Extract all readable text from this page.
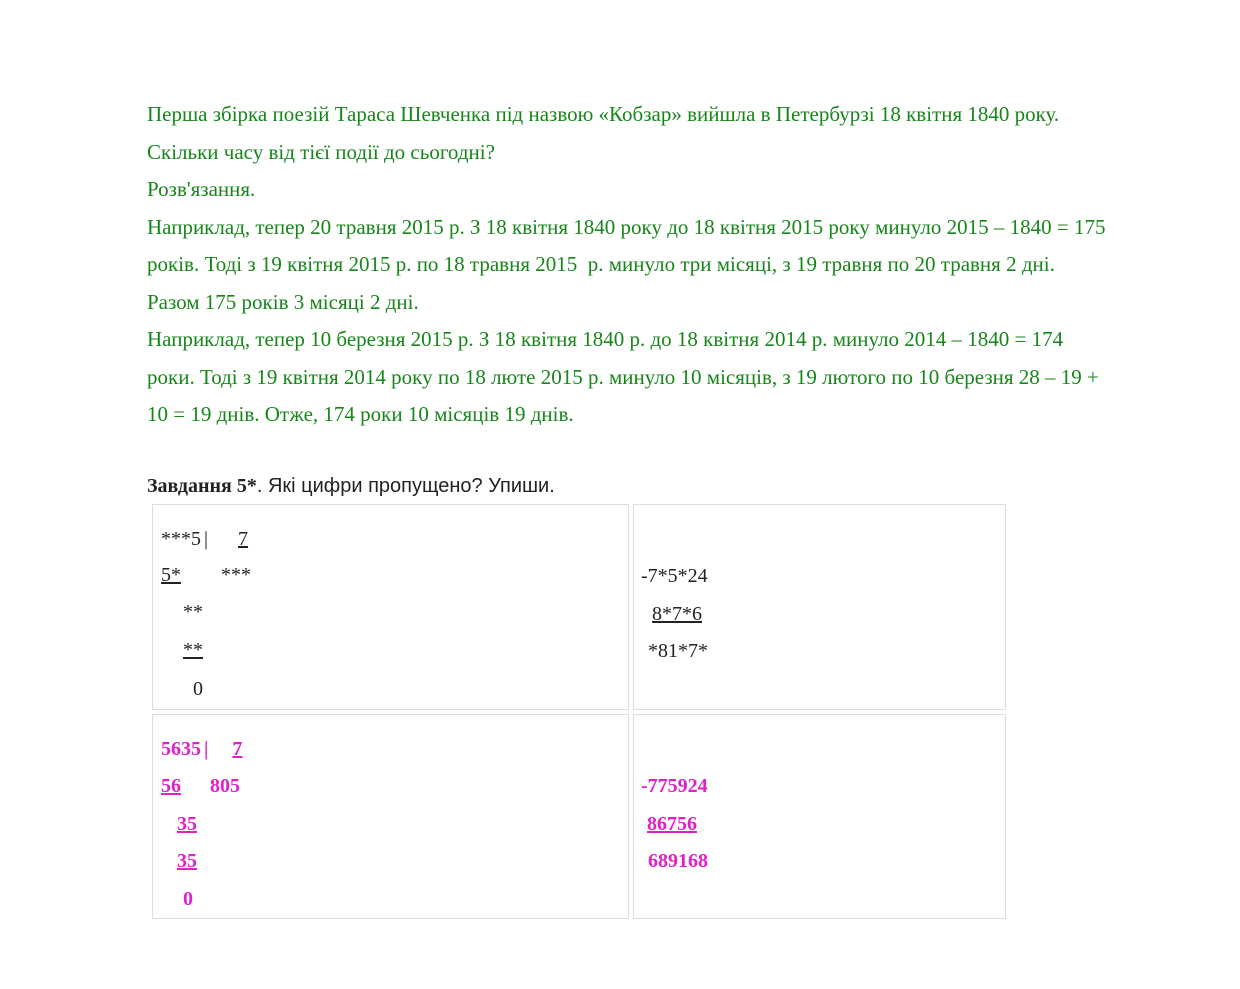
Перша збірка поезій Тараса Шевченка під назвою «Кобзар» вийшла в Петербурзі 18 квітня 1840 року.

Скільки часу від тієї події до сьогодні?

Розв'язання.

Наприклад, тепер 20 травня 2015 р. З 18 квітня 1840 року до 18 квітня 2015 року минуло 2015 – 1840 = 175

років. Тоді з 19 квітня 2015 р. по 18 травня 2015  р. минуло три місяці, з 19 травня по 20 травня 2 дні.

Разом 175 років 3 місяці 2 дні.

Наприклад, тепер 10 березня 2015 р. З 18 квітня 1840 р. до 18 квітня 2014 р. минуло 2014 – 1840 = 174

роки. Тоді з 19 квітня 2014 року по 18 люте 2015 р. минуло 10 місяців, з 19 лютого по 10 березня 28 – 19 +

10 = 19 днів. Отже, 174 роки 10 місяців 19 днів.

Завдання 5*. Які цифри пропущено? Упиши.
***5 | 7
5* ***
**
**
0
-7*5*24
8*7*6
*81*7*
5635 | 7
56 805
35
35
0
-775924
86756
689168
